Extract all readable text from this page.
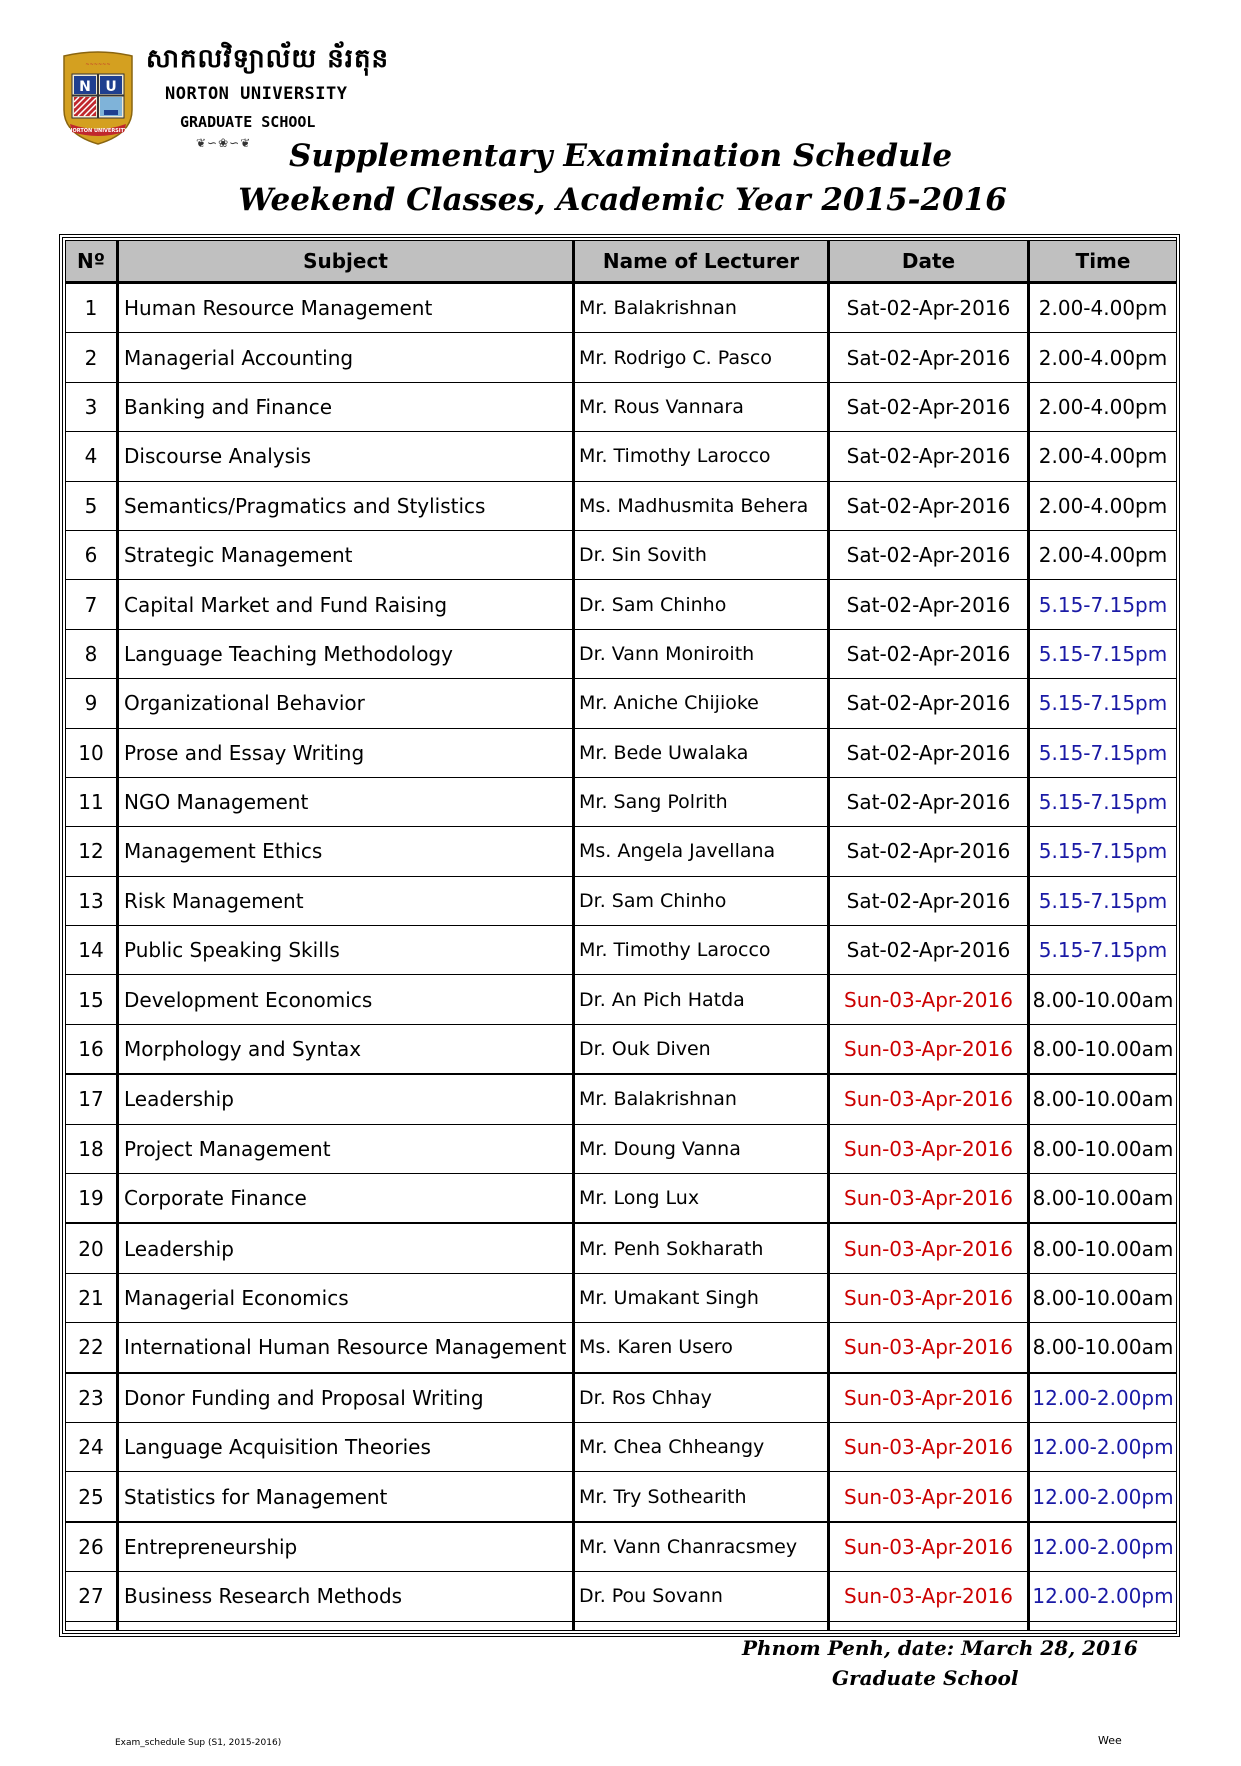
N U
NORTON UNIVERSITY
~~~~~~ សាកលវិទ្យាល័យ ន័រតុន
NORTON UNIVERSITY
GRADUATE SCHOOL
❦∽❀∽❦	Supplementary Examination Schedule
Weekend Classes, Academic Year 2015-2016
Nº	Subject	Name of Lecturer	Date	Time
1	Human Resource Management	Mr. Balakrishnan	Sat-02-Apr-2016	2.00-4.00pm
2	Managerial Accounting	Mr. Rodrigo C. Pasco	Sat-02-Apr-2016	2.00-4.00pm
3	Banking and Finance	Mr. Rous Vannara	Sat-02-Apr-2016	2.00-4.00pm
4	Discourse Analysis	Mr. Timothy Larocco	Sat-02-Apr-2016	2.00-4.00pm
5	Semantics/Pragmatics and Stylistics	Ms. Madhusmita Behera	Sat-02-Apr-2016	2.00-4.00pm
6	Strategic Management	Dr. Sin Sovith	Sat-02-Apr-2016	2.00-4.00pm
7	Capital Market and Fund Raising	Dr. Sam Chinho	Sat-02-Apr-2016	5.15-7.15pm
8	Language Teaching Methodology	Dr. Vann Moniroith	Sat-02-Apr-2016	5.15-7.15pm
9	Organizational Behavior	Mr. Aniche Chijioke	Sat-02-Apr-2016	5.15-7.15pm
10	Prose and Essay Writing	Mr. Bede Uwalaka	Sat-02-Apr-2016	5.15-7.15pm
11	NGO Management	Mr. Sang Polrith	Sat-02-Apr-2016	5.15-7.15pm
12	Management Ethics	Ms. Angela Javellana	Sat-02-Apr-2016	5.15-7.15pm
13	Risk Management	Dr. Sam Chinho	Sat-02-Apr-2016	5.15-7.15pm
14	Public Speaking Skills	Mr. Timothy Larocco	Sat-02-Apr-2016	5.15-7.15pm
15	Development Economics	Dr. An Pich Hatda	Sun-03-Apr-2016	8.00-10.00am
16	Morphology and Syntax	Dr. Ouk Diven	Sun-03-Apr-2016	8.00-10.00am
17	Leadership	Mr. Balakrishnan	Sun-03-Apr-2016	8.00-10.00am
18	Project Management	Mr. Doung Vanna	Sun-03-Apr-2016	8.00-10.00am
19	Corporate Finance	Mr. Long Lux	Sun-03-Apr-2016	8.00-10.00am
20	Leadership	Mr. Penh Sokharath	Sun-03-Apr-2016	8.00-10.00am
21	Managerial Economics	Mr. Umakant Singh	Sun-03-Apr-2016	8.00-10.00am
22	International Human Resource Management	Ms. Karen Usero	Sun-03-Apr-2016	8.00-10.00am
23	Donor Funding and Proposal Writing	Dr. Ros Chhay	Sun-03-Apr-2016	12.00-2.00pm
24	Language Acquisition Theories	Mr. Chea Chheangy	Sun-03-Apr-2016	12.00-2.00pm
25	Statistics for Management	Mr. Try Sothearith	Sun-03-Apr-2016	12.00-2.00pm
26	Entrepreneurship	Mr. Vann Chanracsmey	Sun-03-Apr-2016	12.00-2.00pm
27	Business Research Methods	Dr. Pou Sovann	Sun-03-Apr-2016	12.00-2.00pm

Phnom Penh, date: March 28, 2016
Graduate School
Exam_schedule Sup (S1, 2015-2016)	Wee
